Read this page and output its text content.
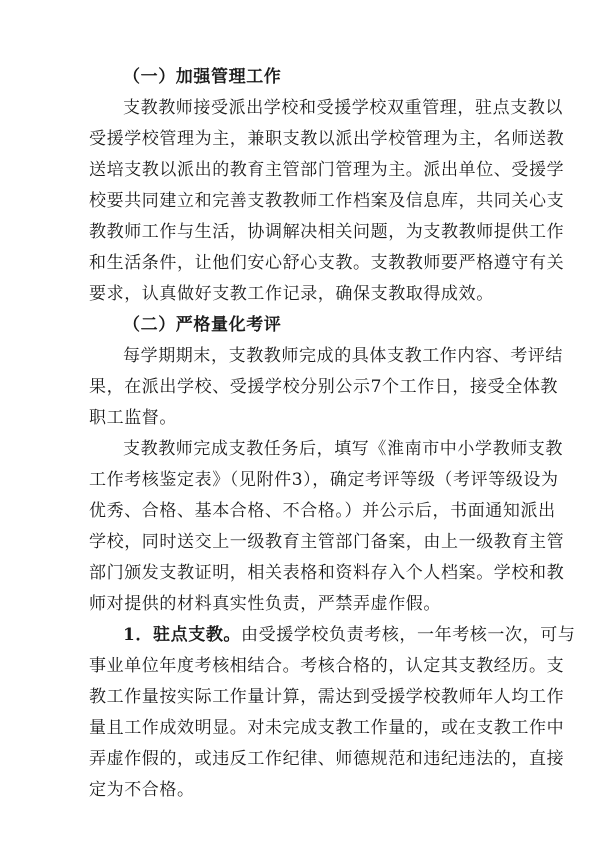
（一）加强管理工作
支教教师接受派出学校和受援学校双重管理，驻点支教以
受援学校管理为主，兼职支教以派出学校管理为主，名师送教
送培支教以派出的教育主管部门管理为主。派出单位、受援学
校要共同建立和完善支教教师工作档案及信息库，共同关心支
教教师工作与生活，协调解决相关问题，为支教教师提供工作
和生活条件，让他们安心舒心支教。支教教师要严格遵守有关
要求，认真做好支教工作记录，确保支教取得成效。
（二）严格量化考评
每学期期末，支教教师完成的具体支教工作内容、考评结
果，在派出学校、受援学校分别公示7个工作日，接受全体教
职工监督。
支教教师完成支教任务后，填写《淮南市中小学教师支教
工作考核鉴定表》（见附件3），确定考评等级（考评等级设为
优秀、合格、基本合格、不合格。）并公示后，书面通知派出
学校，同时送交上一级教育主管部门备案，由上一级教育主管
部门颁发支教证明，相关表格和资料存入个人档案。学校和教
师对提供的材料真实性负责，严禁弄虚作假。
1．驻点支教。由受援学校负责考核，一年考核一次，可与
事业单位年度考核相结合。考核合格的，认定其支教经历。支
教工作量按实际工作量计算，需达到受援学校教师年人均工作
量且工作成效明显。对未完成支教工作量的，或在支教工作中
弄虚作假的，或违反工作纪律、师德规范和违纪违法的，直接
定为不合格。
